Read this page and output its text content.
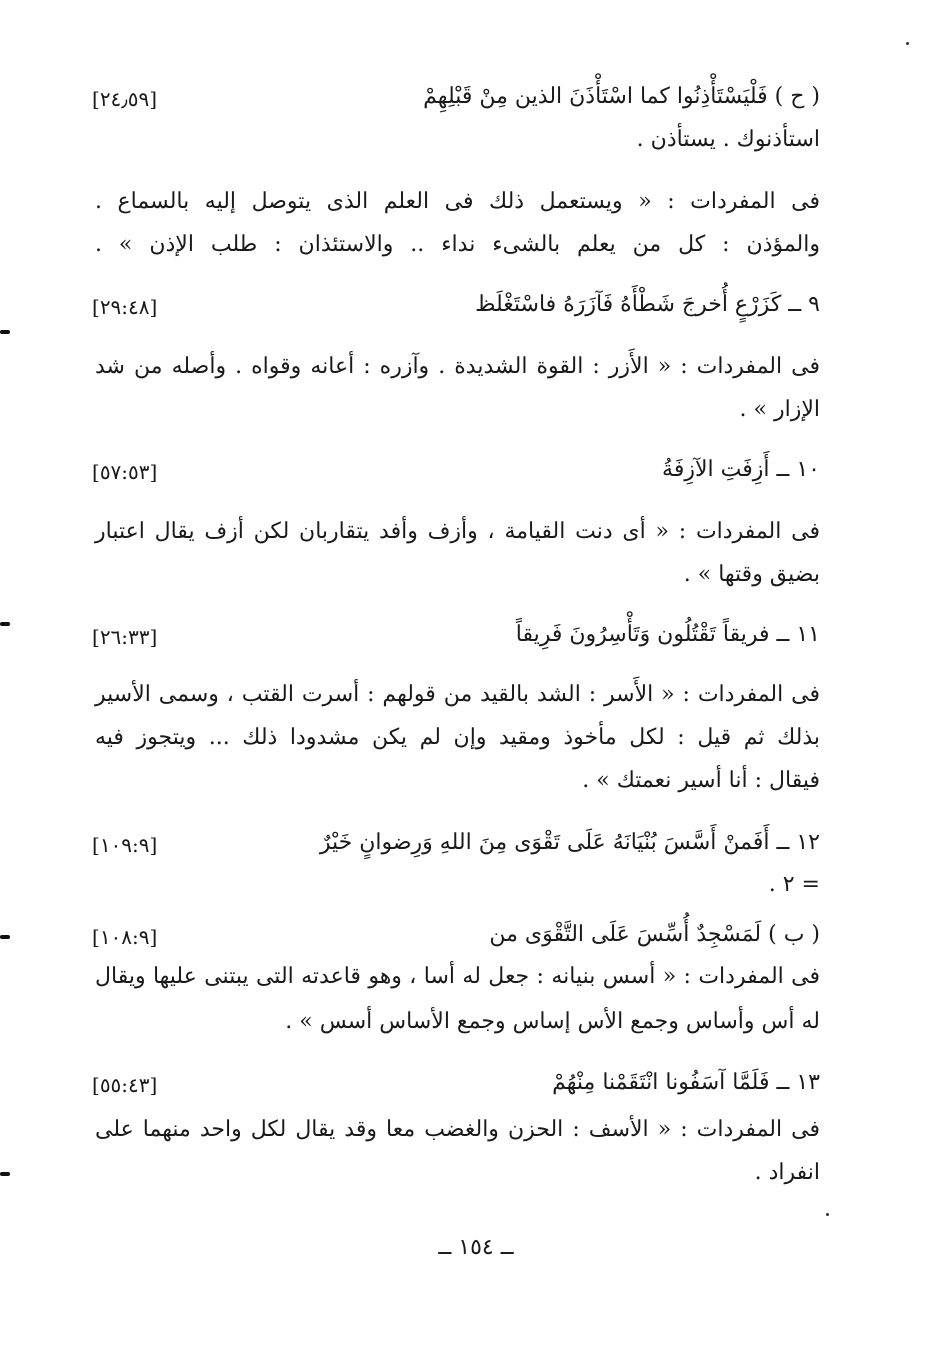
( ح ) فَلْيَسْتَأْذِنُوا كما اسْتَأْذَنَ الذين مِنْ قَبْلِهِمْ
[٢٤٫٥٩]
استأذنوك . يستأذن .
فى المفردات : « ويستعمل ذلك فى العلم الذى يتوصل إليه بالسماع .
والمؤذن : كل من يعلم بالشىء نداء .. والاستئذان : طلب الإذن » .
٩ ــ كَزَرْعٍ أُخرجَ شَطْأَهُ فَآزَرَهُ فاسْتَغْلَظ
[٢٩:٤٨]
فى المفردات : « الأَزر : القوة الشديدة . وآزره : أعانه وقواه . وأصله من شد
الإزار » .
١٠ ــ أَزِفَتِ الآزِفَةُ
[٥٧:٥٣]
فى المفردات : « أى دنت القيامة ، وأزف وأفد يتقاربان لكن أزف يقال اعتبار
بضيق وقتها » .
١١ ــ فريقاً تَقْتُلُون وَتَأْسِرُونَ فَرِيقاً
[٢٦:٣٣]
فى المفردات : « الأَسر : الشد بالقيد من قولهم : أسرت القتب ، وسمى الأسير
بذلك ثم قيل : لكل مأخوذ ومقيد وإن لم يكن مشدودا ذلك ... ويتجوز فيه
فيقال : أنا أسير نعمتك » .
١٢ ــ أَفَمنْ أَسَّسَ بُنْيَانَهُ عَلَى تَقْوَى مِنَ اللهِ وَرِضوانٍ خَيْرٌ
[١٠٩:٩]
= ٢ .
( ب ) لَمَسْجِدٌ أُسِّسَ عَلَى التَّقْوَى من
[١٠٨:٩]
فى المفردات : « أسس بنيانه : جعل له أسا ، وهو قاعدته التى يبتنى عليها ويقال
له أس وأساس وجمع الأس إساس وجمع الأساس أسس » .
١٣ ــ فَلَمَّا آسَفُونا انْتَقَمْنا مِنْهُمْ
[٥٥:٤٣]
فى المفردات : « الأسف : الحزن والغضب معا وقد يقال لكل واحد منهما على
انفراد .
ــ ١٥٤ ــ
